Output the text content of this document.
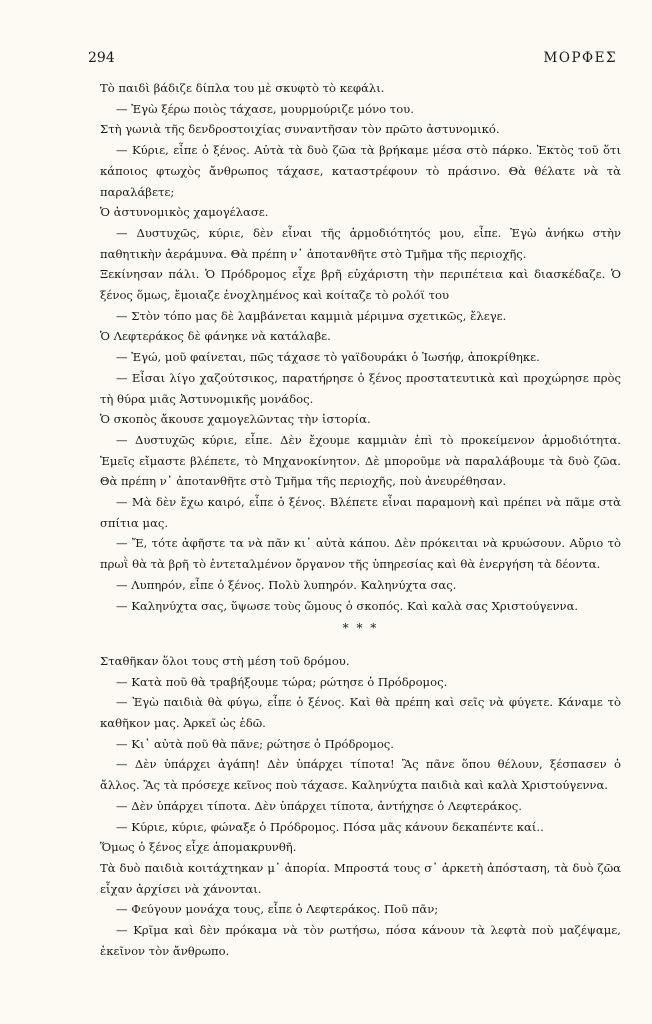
294	ΜΟΡΦΕΣ

Τὸ παιδὶ βάδιζε δίπλα του μὲ σκυφτὸ τὸ κεφάλι.

— Ἐγὼ ξέρω ποιὸς τάχασε, μουρμούριζε μόνο του.

Στὴ γωνιὰ τῆς δενδροστοιχίας συναντῆσαν τὸν πρῶτο ἀστυνομικό.

— Κύριε, εἶπε ὁ ξένος. Αὐτὰ τὰ δυὸ ζῶα τὰ βρήκαμε μέσα στὸ πάρκο. Ἐκτὸς τοῦ ὅτι κάποιος φτωχὸς ἄνθρωπος τάχασε, καταστρέφουν τὸ πράσινο. Θὰ θέλατε νὰ τὰ παραλάβετε;

Ὁ ἀστυνομικὸς χαμογέλασε.

— Δυστυχῶς, κύριε, δὲν εἶναι τῆς ἁρμοδιότητός μου, εἶπε. Ἐγὼ ἀνήκω στὴν παθητικὴν ἀεράμυνα. Θὰ πρέπη ν᾽ ἀποτανθῆτε στὸ Τμῆμα τῆς περιοχῆς.

Ξεκίνησαν πάλι. Ὁ Πρόδρομος εἶχε βρῆ εὐχάριστη τὴν περιπέτεια καὶ διασκέδαζε. Ὁ ξένος ὅμως, ἔμοιαζε ἐνοχλημένος καὶ κοίταζε τὸ ρολόϊ του

— Στὸν τόπο μας δὲ λαμβάνεται καμμιὰ μέριμνα σχετικῶς, ἔλεγε.

Ὁ Λεφτεράκος δὲ φάνηκε νὰ κατάλαβε.

— Ἐγώ, μοῦ φαίνεται, πῶς τάχασε τὸ γαϊδουράκι ὁ Ἰωσήφ, ἀποκρίθηκε.

— Εἶσαι λίγο χαζούτσικος, παρατήρησε ὁ ξένος προστατευτικὰ καὶ προχώρησε πρὸς τὴ θύρα μιᾶς Ἀστυνομικῆς μονάδος.

Ὁ σκοπὸς ἄκουσε χαμογελῶντας τὴν ἱστορία.

— Δυστυχῶς κύριε, εἶπε. Δὲν ἔχουμε καμμιὰν ἐπὶ τὸ προκείμενον ἁρμοδιότητα. Ἐμεῖς εἴμαστε βλέπετε, τὸ Μηχανοκίνητον. Δὲ μποροῦμε νὰ παραλάβουμε τὰ δυὸ ζῶα. Θὰ πρέπη ν᾽ ἀποτανθῆτε στὸ Τμῆμα τῆς περιοχῆς, ποὺ ἀνευρέθησαν.

— Μὰ δὲν ἔχω καιρό, εἶπε ὁ ξένος. Βλέπετε εἶναι παραμονὴ καὶ πρέπει νὰ πᾶμε στὰ σπίτια μας.

— Ἔ, τότε ἀφῆστε τα νὰ πᾶν κι᾽ αὐτὰ κάπου. Δὲν πρόκειται νὰ κρυώσουν. Αὔριο τὸ πρωῒ θὰ τὰ βρῆ τὸ ἐντεταλμένον ὄργανον τῆς ὑπηρεσίας καὶ θὰ ἐνεργήση τὰ δέοντα.

— Λυπηρόν, εἶπε ὁ ξένος. Πολὺ λυπηρόν. Καληνύχτα σας.

— Καληνύχτα σας, ὕψωσε τοὺς ὤμους ὁ σκοπός. Καὶ καλὰ σας Χριστούγεννα.

* * *

Σταθῆκαν ὅλοι τους στὴ μέση τοῦ δρόμου.

— Κατὰ ποῦ θὰ τραβήξουμε τώρα; ρώτησε ὁ Πρόδρομος.

— Ἐγὼ παιδιὰ θὰ φύγω, εἶπε ὁ ξένος. Καὶ θὰ πρέπη καὶ σεῖς νὰ φύγετε. Κάναμε τὸ καθῆκον μας. Ἀρκεῖ ὡς ἐδῶ.

— Κι᾽ αὐτὰ ποῦ θὰ πᾶνε; ρώτησε ὁ Πρόδρομος.

— Δὲν ὑπάρχει ἀγάπη! Δὲν ὑπάρχει τίποτα! Ἂς πᾶνε ὅπου θέλουν, ξέσπασεν ὁ ἄλλος. Ἂς τὰ πρόσεχε κεῖνος ποὺ τάχασε. Καληνύχτα παιδιὰ καὶ καλὰ Χριστούγεννα.

— Δὲν ὑπάρχει τίποτα. Δὲν ὑπάρχει τίποτα, ἀντήχησε ὁ Λεφτεράκος.

— Κύριε, κύριε, φώναξε ὁ Πρόδρομος. Πόσα μᾶς κάνουν δεκαπέντε καί..

Ὅμως ὁ ξένος εἶχε ἀπομακρυνθῆ.

Τὰ δυὸ παιδιὰ κοιτάχτηκαν μ᾽ ἀπορία. Μπροστά τους σ᾽ ἀρκετὴ ἀπόσταση, τὰ δυὸ ζῶα εἶχαν ἀρχίσει νὰ χάνονται.

— Φεύγουν μονάχα τους, εἶπε ὁ Λεφτεράκος. Ποῦ πᾶν;

— Κρῖμα καὶ δὲν πρόκαμα νὰ τὸν ρωτήσω, πόσα κάνουν τὰ λεφτὰ ποὺ μαζέψαμε, ἐκεῖνον τὸν ἄνθρωπο.
